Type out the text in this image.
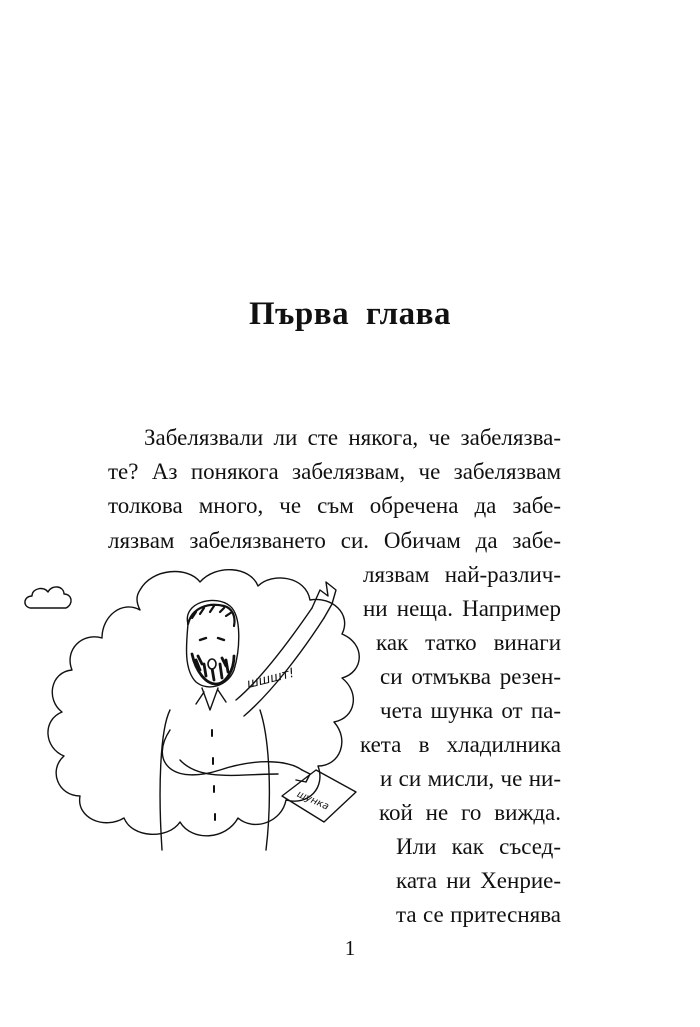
Първа глава
Забелязвали ли сте някога, че забелязва-
те? Аз понякога забелязвам, че забелязвам
толкова много, че съм обречена да забе-
лязвам забелязването си. Обичам да забе-
лязвам най-различ-
ни неща. Например
как татко винаги
си отмъква резен-
чета шунка от па-
кета в хладилника
и си мисли, че ни-
кой не го вижда.
Или как съсед-
ката ни Хенрие-
та се притеснява
шунка
шшшт!
1
